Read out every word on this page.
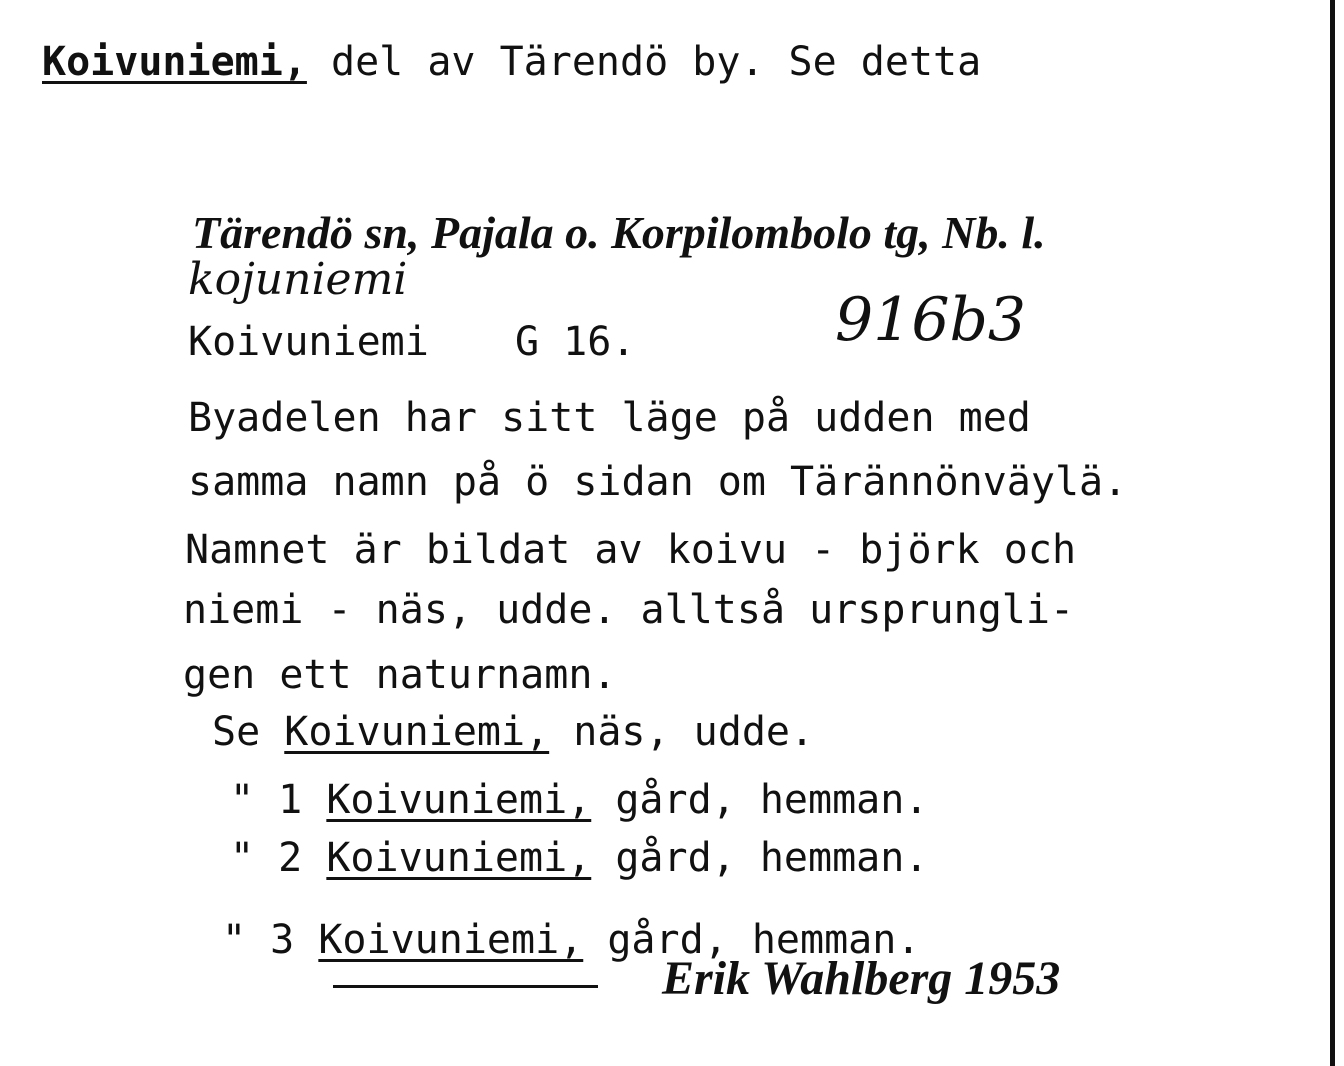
Koivuniemi, del av Tärendö by. Se detta
Tärendö sn, Pajala o. Korpilombolo tg, Nb. l.
kojuniemi
Koivuniemi G 16.	916b3
Byadelen har sitt läge på udden med
samma namn på ö sidan om Tärännönväylä.
Namnet är bildat av koivu - björk och
niemi - näs, udde. alltså ursprungli-
gen ett naturnamn.
Se Koivuniemi, näs, udde.
" 1 Koivuniemi, gård, hemman.
" 2 Koivuniemi, gård, hemman.
" 3 Koivuniemi, gård, hemman.
Erik Wahlberg 1953
